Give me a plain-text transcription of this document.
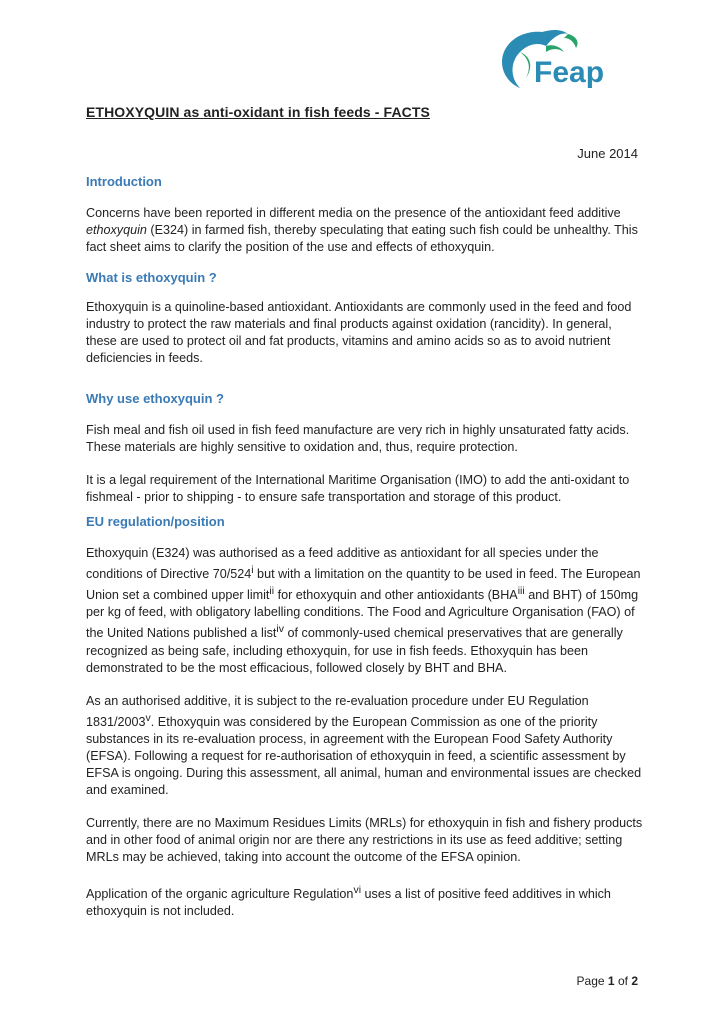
Feap
ETHOXYQUIN as anti-oxidant in fish feeds - FACTS
June 2014

Introduction

Concerns have been reported in different media on the presence of the antioxidant feed additive ethoxyquin (E324) in farmed fish, thereby speculating that eating such fish could be unhealthy. This fact sheet aims to clarify the position of the use and effects of ethoxyquin.

What is ethoxyquin ?

Ethoxyquin is a quinoline-based antioxidant. Antioxidants are commonly used in the feed and food industry to protect the raw materials and final products against oxidation (rancidity). In general, these are used to protect oil and fat products, vitamins and amino acids so as to avoid nutrient deficiencies in feeds.

Why use ethoxyquin ?

Fish meal and fish oil used in fish feed manufacture are very rich in highly unsaturated fatty acids. These materials are highly sensitive to oxidation and, thus, require protection.

It is a legal requirement of the International Maritime Organisation (IMO) to add the anti-oxidant to fishmeal - prior to shipping - to ensure safe transportation and storage of this product.

EU regulation/position

Ethoxyquin (E324) was authorised as a feed additive as antioxidant for all species under the conditions of Directive 70/524$^i$ but with a limitation on the quantity to be used in feed. The European Union set a combined upper limit$^{ii}$ for ethoxyquin and other antioxidants (BHA$^{iii}$ and BHT) of 150mg per kg of feed, with obligatory labelling conditions. The Food and Agriculture Organisation (FAO) of the United Nations published a list$^{iv}$ of commonly-used chemical preservatives that are generally recognized as being safe, including ethoxyquin, for use in fish feeds. Ethoxyquin has been demonstrated to be the most efficacious, followed closely by BHT and BHA.

As an authorised additive, it is subject to the re-evaluation procedure under EU Regulation 1831/2003$^v$. Ethoxyquin was considered by the European Commission as one of the priority substances in its re-evaluation process, in agreement with the European Food Safety Authority (EFSA). Following a request for re-authorisation of ethoxyquin in feed, a scientific assessment by EFSA is ongoing. During this assessment, all animal, human and environmental issues are checked and examined.

Currently, there are no Maximum Residues Limits (MRLs) for ethoxyquin in fish and fishery products and in other food of animal origin nor are there any restrictions in its use as feed additive; setting MRLs may be achieved, taking into account the outcome of the EFSA opinion.

Application of the organic agriculture Regulation$^{vi}$ uses a list of positive feed additives in which ethoxyquin is not included.

Page 1 of 2
